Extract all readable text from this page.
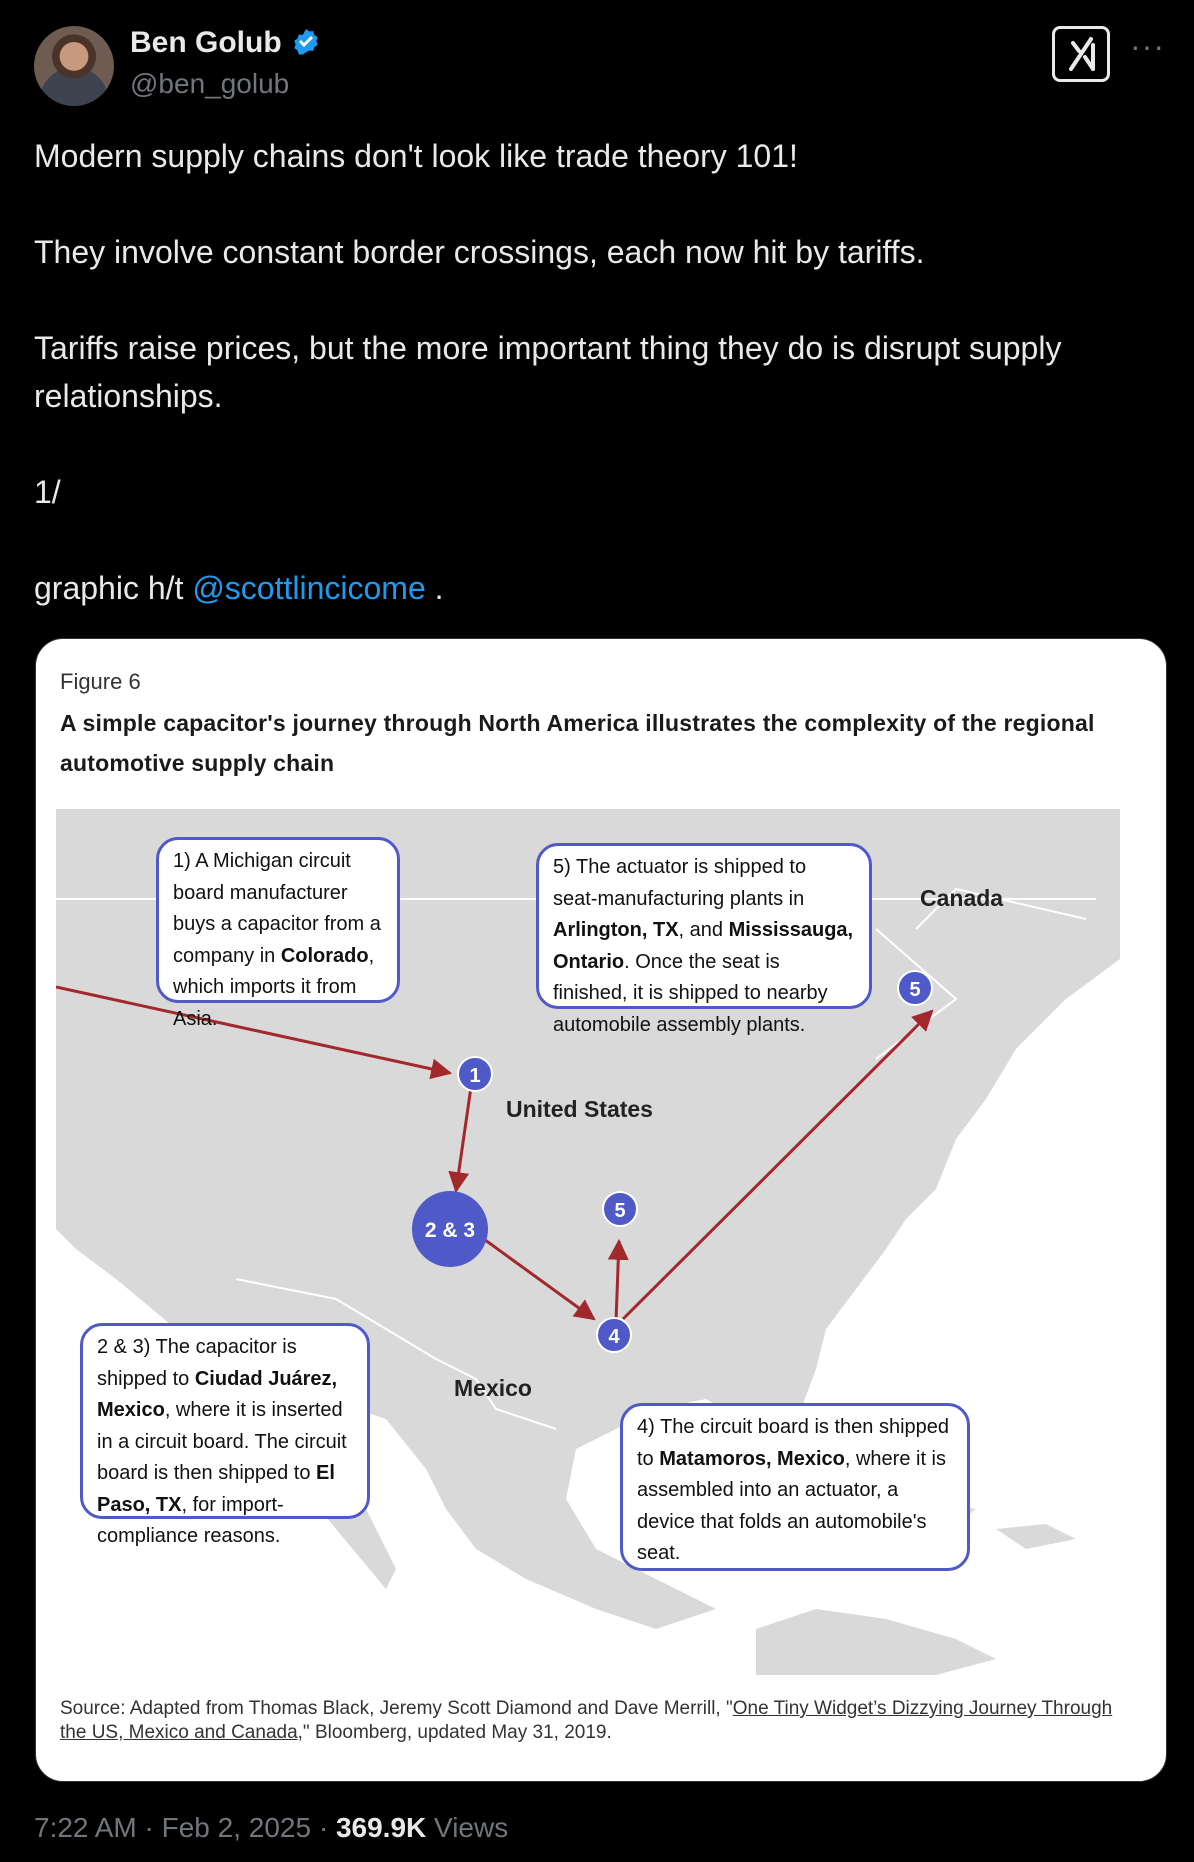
Ben Golub
@ben_golub
···

Modern supply chains don't look like trade theory 101!

They involve constant border crossings, each now hit by tariffs.

Tariffs raise prices, but the more important thing they do is disrupt supply relationships.

1/

graphic h/t @scottlincicome .

Figure 6
A simple capacitor's journey through North America illustrates the complexity of the regional automotive supply chain
1
2 & 3
4
5
5
Canada
United States
Mexico
1) A Michigan circuit board manufacturer buys a capacitor from a company in Colorado, which imports it from Asia.
5) The actuator is shipped to seat-manufacturing plants in Arlington, TX, and Mississauga, Ontario. Once the seat is finished, it is shipped to nearby automobile assembly plants.
2 & 3) The capacitor is shipped to Ciudad Juárez, Mexico, where it is inserted in a circuit board. The circuit board is then shipped to El Paso, TX, for import-compliance reasons.
4) The circuit board is then shipped to Matamoros, Mexico, where it is assembled into an actuator, a device that folds an automobile's seat.
Source: Adapted from Thomas Black, Jeremy Scott Diamond and Dave Merrill, "One Tiny Widget’s Dizzying Journey Through the US, Mexico and Canada," Bloomberg, updated May 31, 2019.
7:22 AM · Feb 2, 2025 · 369.9K Views
